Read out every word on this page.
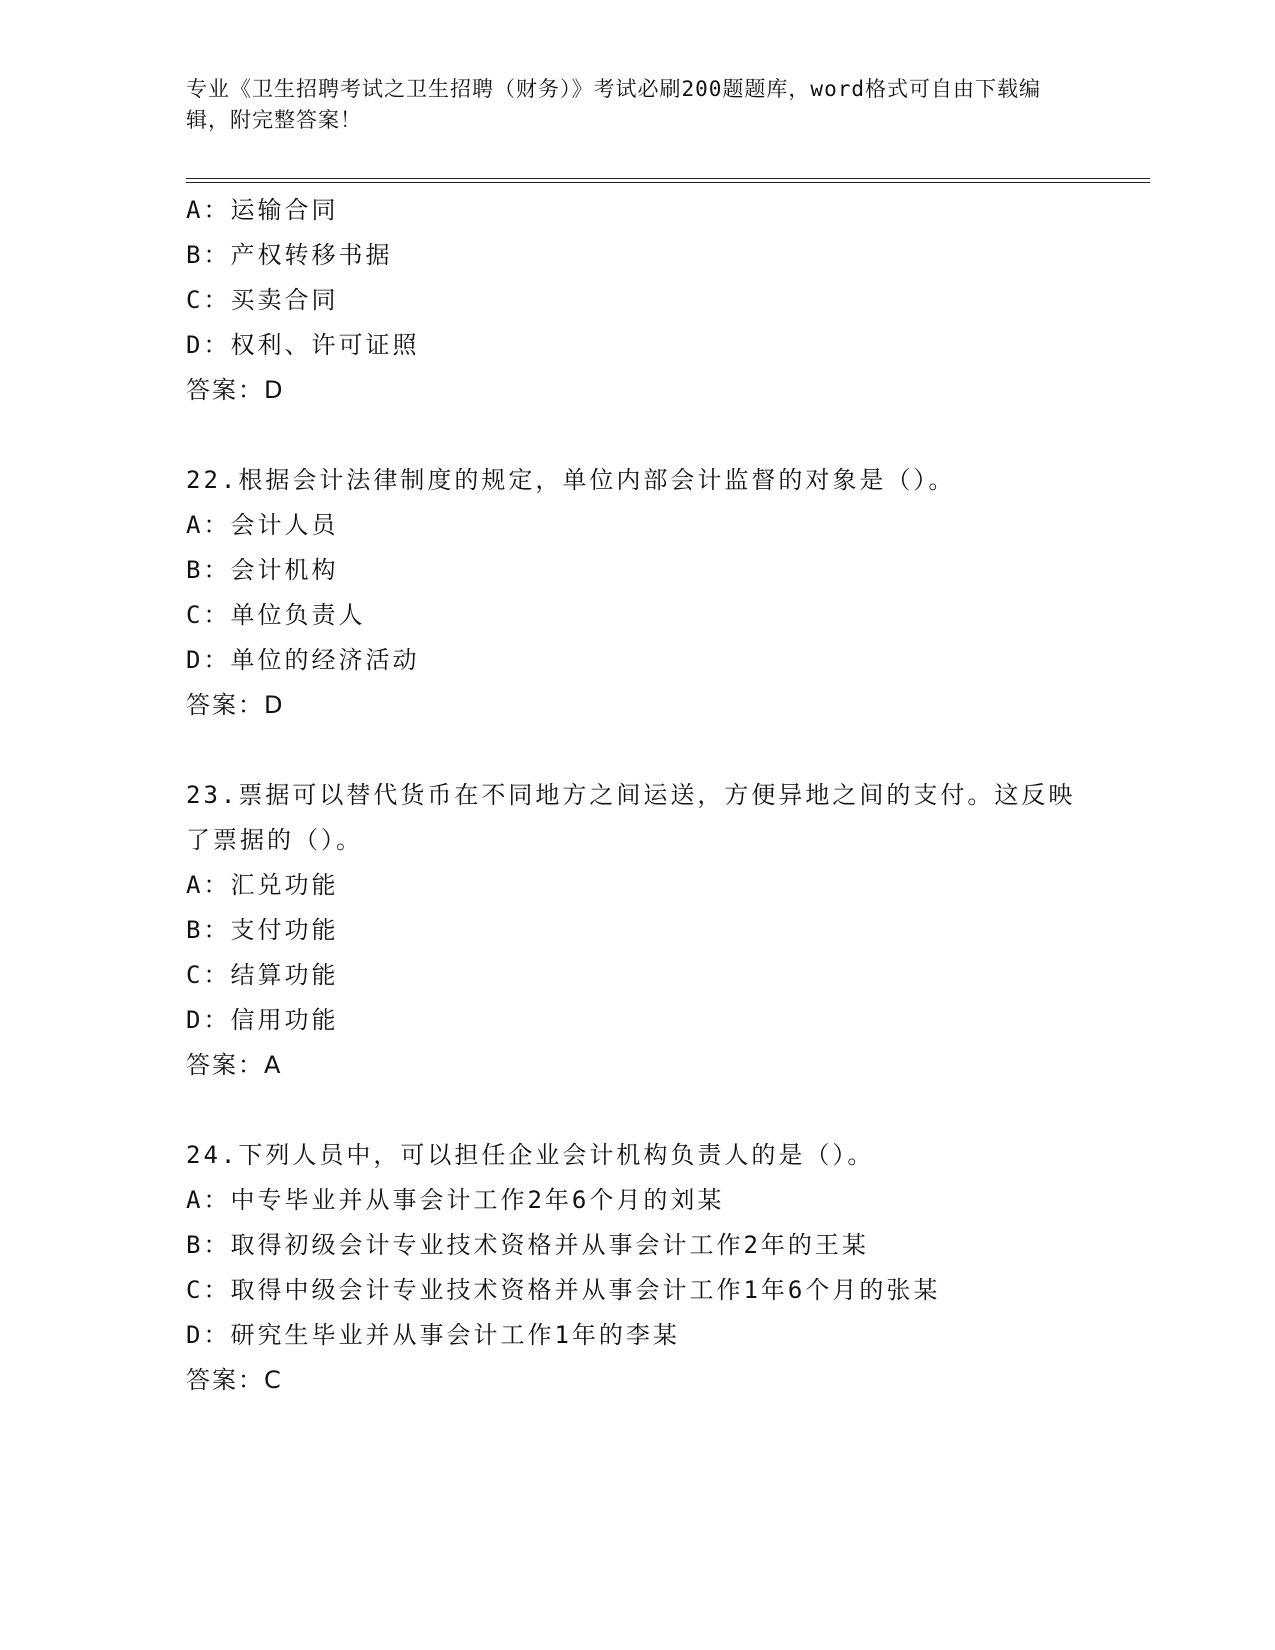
专业《卫生招聘考试之卫生招聘（财务）》考试必刷200题题库，word格式可自由下载编辑，附完整答案！
A：运输合同
B：产权转移书据
C：买卖合同
D：权利、许可证照
答案：D
22.根据会计法律制度的规定，单位内部会计监督的对象是（）。
A：会计人员
B：会计机构
C：单位负责人
D：单位的经济活动
答案：D
23.票据可以替代货币在不同地方之间运送，方便异地之间的支付。这反映了票据的（）。
A：汇兑功能
B：支付功能
C：结算功能
D：信用功能
答案：A
24.下列人员中，可以担任企业会计机构负责人的是（）。
A：中专毕业并从事会计工作2年6个月的刘某
B：取得初级会计专业技术资格并从事会计工作2年的王某
C：取得中级会计专业技术资格并从事会计工作1年6个月的张某
D：研究生毕业并从事会计工作1年的李某
答案：C
